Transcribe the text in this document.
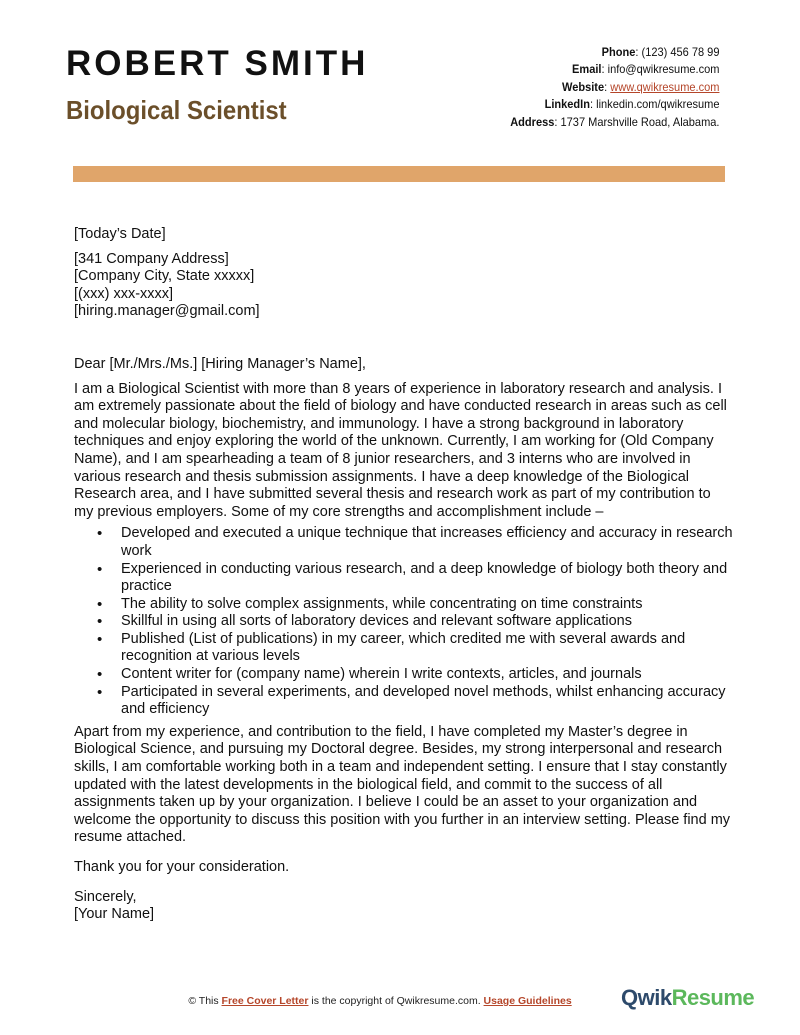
ROBERT SMITH
Biological Scientist
Phone: (123) 456 78 99
Email: info@qwikresume.com
Website: www.qwikresume.com
LinkedIn: linkedin.com/qwikresume
Address: 1737 Marshville Road, Alabama.

[Today’s Date]

[341 Company Address]

[Company City, State xxxxx]

[(xxx) xxx-xxxx]

[hiring.manager@gmail.com]

Dear [Mr./Mrs./Ms.] [Hiring Manager’s Name],

I am a Biological Scientist with more than 8 years of experience in laboratory research and analysis. I am extremely passionate about the field of biology and have conducted research in areas such as cell and molecular biology, biochemistry, and immunology. I have a strong background in laboratory techniques and enjoy exploring the world of the unknown. Currently, I am working for (Old Company Name), and I am spearheading a team of 8 junior researchers, and 3 interns who are involved in various research and thesis submission assignments. I have a deep knowledge of the Biological Research area, and I have submitted several thesis and research work as part of my contribution to my previous employers. Some of my core strengths and accomplishment include –

• Developed and executed a unique technique that increases efficiency and accuracy in research work
• Experienced in conducting various research, and a deep knowledge of biology both theory and practice
• The ability to solve complex assignments, while concentrating on time constraints
• Skillful in using all sorts of laboratory devices and relevant software applications
• Published (List of publications) in my career, which credited me with several awards and recognition at various levels
• Content writer for (company name) wherein I write contexts, articles, and journals
• Participated in several experiments, and developed novel methods, whilst enhancing accuracy and efficiency

Apart from my experience, and contribution to the field, I have completed my Master’s degree in Biological Science, and pursuing my Doctoral degree. Besides, my strong interpersonal and research skills, I am comfortable working both in a team and independent setting. I ensure that I stay constantly updated with the latest developments in the biological field, and commit to the success of all assignments taken up by your organization. I believe I could be an asset to your organization and welcome the opportunity to discuss this position with you further in an interview setting. Please find my resume attached.

Thank you for your consideration.

Sincerely,

[Your Name]

© This Free Cover Letter is the copyright of Qwikresume.com. Usage Guidelines	QwikResume
